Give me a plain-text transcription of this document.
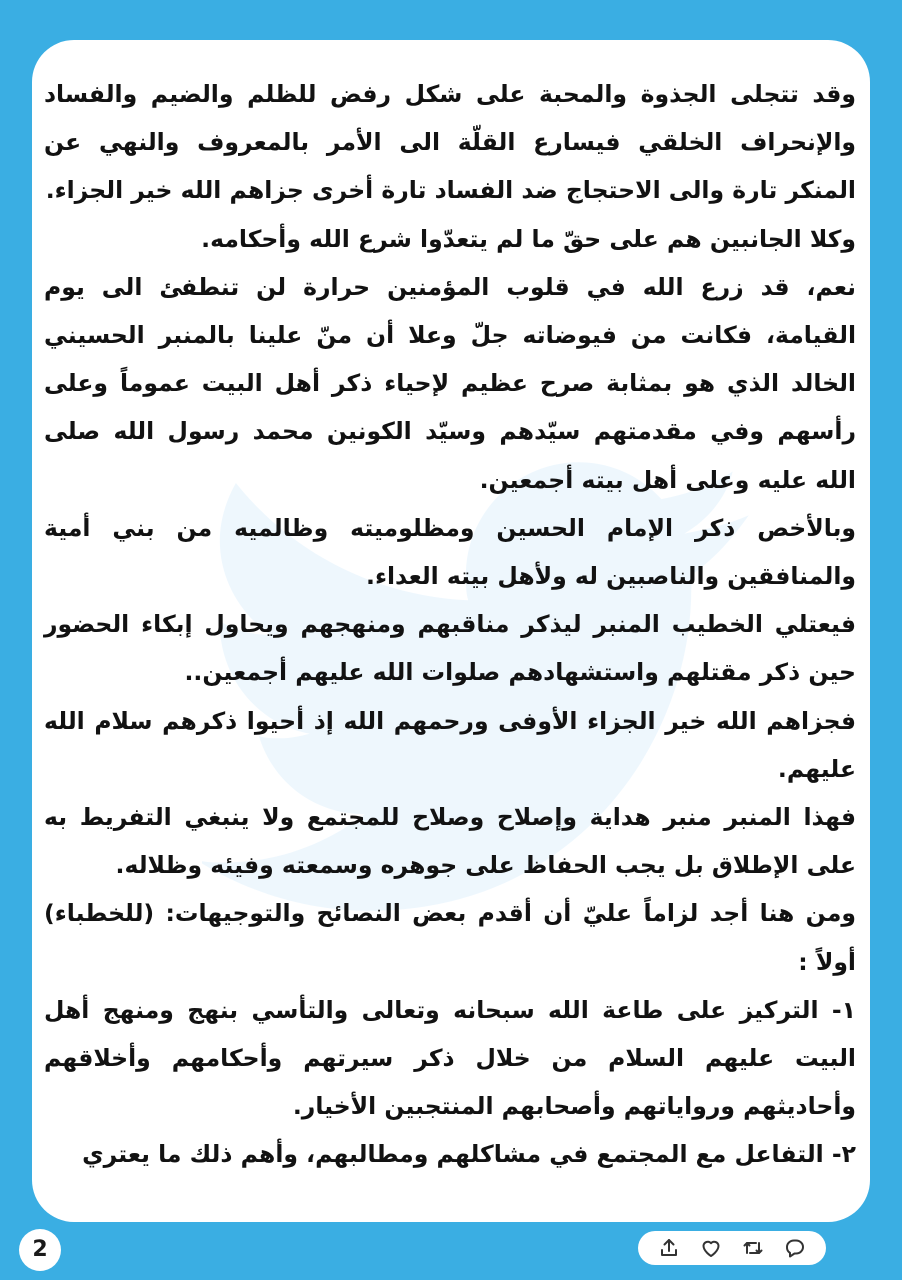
وقد تتجلى الجذوة والمحبة على شكل رفض للظلم والضيم والفساد والإنحراف الخلقي فيسارع القلّة الى الأمر بالمعروف والنهي عن المنكر تارة والى الاحتجاج ضد الفساد تارة أخرى جزاهم الله خير الجزاء.

وكلا الجانبين هم على حقّ ما لم يتعدّوا شرع الله وأحكامه.

نعم، قد زرع الله في قلوب المؤمنين حرارة لن تنطفئ الى يوم القيامة، فكانت من فيوضاته جلّ وعلا أن منّ علينا بالمنبر الحسيني الخالد الذي هو بمثابة صرح عظيم لإحياء ذكر أهل البيت عموماً وعلى رأسهم وفي مقدمتهم سيّدهم وسيّد الكونين محمد رسول الله صلى الله عليه وعلى أهل بيته أجمعين.

وبالأخص ذكر الإمام الحسين ومظلوميته وظالميه من بني أمية والمنافقين والناصبين له ولأهل بيته العداء.

فيعتلي الخطيب المنبر ليذكر مناقبهم ومنهجهم ويحاول إبكاء الحضور حين ذكر مقتلهم واستشهادهم صلوات الله عليهم أجمعين..

فجزاهم الله خير الجزاء الأوفى ورحمهم الله إذ أحيوا ذكرهم سلام الله عليهم.

فهذا المنبر منبر هداية وإصلاح وصلاح للمجتمع ولا ينبغي التفريط به على الإطلاق بل يجب الحفاظ على جوهره وسمعته وفيئه وظلاله.

ومن هنا أجد لزاماً عليّ أن أقدم بعض النصائح والتوجيهات: (للخطباء) أولاً :

١- التركيز على طاعة الله سبحانه وتعالى والتأسي بنهج ومنهج أهل البيت عليهم السلام من خلال ذكر سيرتهم وأحكامهم وأخلاقهم وأحاديثهم ورواياتهم وأصحابهم المنتجبين الأخيار.

٢- التفاعل مع المجتمع في مشاكلهم ومطالبهم، وأهم ذلك ما يعتري

2
